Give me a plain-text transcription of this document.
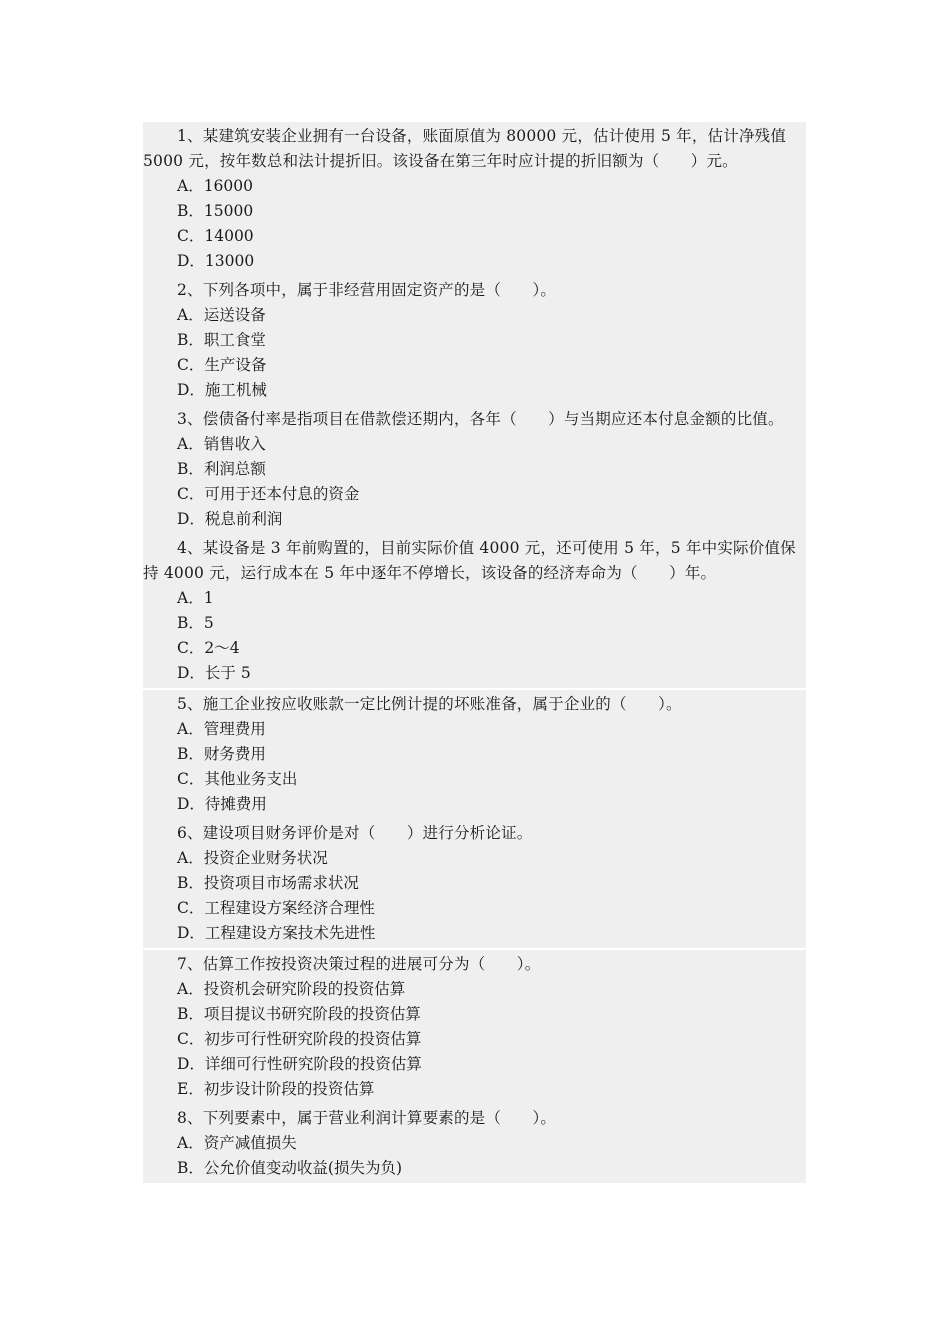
1、某建筑安装企业拥有一台设备，账面原值为 80000 元，估计使用 5 年，估计净残值 5000 元，按年数总和法计提折旧。该设备在第三年时应计提的折旧额为（　　）元。
A．16000
B．15000
C．14000
D．13000
2、下列各项中，属于非经营用固定资产的是（　　）。
A．运送设备
B．职工食堂
C．生产设备
D．施工机械
3、偿债备付率是指项目在借款偿还期内，各年（　　）与当期应还本付息金额的比值。
A．销售收入
B．利润总额
C．可用于还本付息的资金
D．税息前利润
4、某设备是 3 年前购置的，目前实际价值 4000 元，还可使用 5 年，5 年中实际价值保持 4000 元，运行成本在 5 年中逐年不停增长，该设备的经济寿命为（　　）年。
A．1
B．5
C．2～4
D．长于 5
5、施工企业按应收账款一定比例计提的坏账准备，属于企业的（　　）。
A．管理费用
B．财务费用
C．其他业务支出
D．待摊费用
6、建设项目财务评价是对（　　）进行分析论证。
A．投资企业财务状况
B．投资项目市场需求状况
C．工程建设方案经济合理性
D．工程建设方案技术先进性
7、估算工作按投资决策过程的进展可分为（　　）。
A．投资机会研究阶段的投资估算
B．项目提议书研究阶段的投资估算
C．初步可行性研究阶段的投资估算
D．详细可行性研究阶段的投资估算
E．初步设计阶段的投资估算
8、下列要素中，属于营业利润计算要素的是（　　）。
A．资产减值损失
B．公允价值变动收益(损失为负)
